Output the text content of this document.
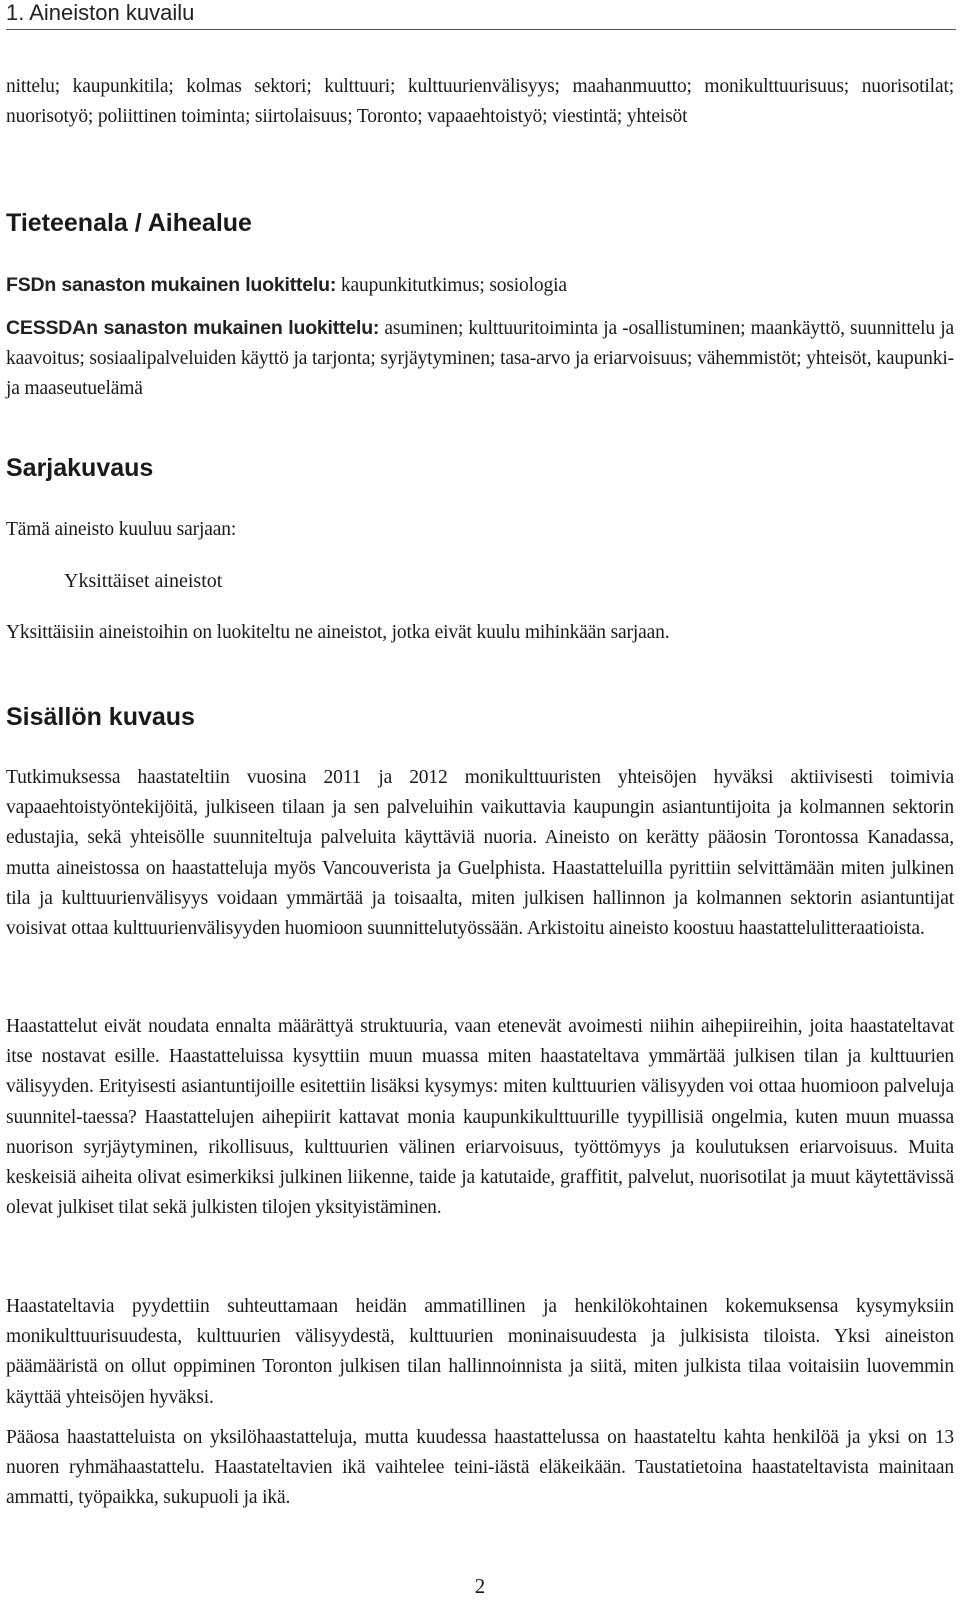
1. Aineiston kuvailu
nittelu; kaupunkitila; kolmas sektori; kulttuuri; kulttuurienvälisyys; maahanmuutto; monikulttuurisuus; nuorisotilat; nuorisotyö; poliittinen toiminta; siirtolaisuus; Toronto; vapaaehtoistyö; viestintä; yhteisöt
Tieteenala / Aihealue
FSDn sanaston mukainen luokittelu: kaupunkitutkimus; sosiologia
CESSDAn sanaston mukainen luokittelu: asuminen; kulttuuritoiminta ja -osallistuminen; maankäyttö, suunnittelu ja kaavoitus; sosiaalipalveluiden käyttö ja tarjonta; syrjäytyminen; tasa-arvo ja eriarvoisuus; vähemmistöt; yhteisöt, kaupunki- ja maaseutuelämä
Sarjakuvaus
Tämä aineisto kuuluu sarjaan:
Yksittäiset aineistot
Yksittäisiin aineistoihin on luokiteltu ne aineistot, jotka eivät kuulu mihinkään sarjaan.
Sisällön kuvaus
Tutkimuksessa haastateltiin vuosina 2011 ja 2012 monikulttuuristen yhteisöjen hyväksi aktiivisesti toimivia vapaaehtoistyöntekijöitä, julkiseen tilaan ja sen palveluihin vaikuttavia kaupungin asiantuntijoita ja kolmannen sektorin edustajia, sekä yhteisölle suunniteltuja palveluita käyttäviä nuoria. Aineisto on kerätty pääosin Torontossa Kanadassa, mutta aineistossa on haastatteluja myös Vancouverista ja Guelphista. Haastatteluilla pyrittiin selvittämään miten julkinen tila ja kulttuurienvälisyys voidaan ymmärtää ja toisaalta, miten julkisen hallinnon ja kolmannen sektorin asiantuntijat voisivat ottaa kulttuurienvälisyyden huomioon suunnittelutyössään. Arkistoitu aineisto koostuu haastattelulitteraatioista.
Haastattelut eivät noudata ennalta määrättyä struktuuria, vaan etenevät avoimesti niihin aihepiireihin, joita haastateltavat itse nostavat esille. Haastatteluissa kysyttiin muun muassa miten haastateltava ymmärtää julkisen tilan ja kulttuurien välisyyden. Erityisesti asiantuntijoille esitettiin lisäksi kysymys: miten kulttuurien välisyyden voi ottaa huomioon palveluja suunnitel-taessa? Haastattelujen aihepiirit kattavat monia kaupunkikulttuurille tyypillisiä ongelmia, kuten muun muassa nuorison syrjäytyminen, rikollisuus, kulttuurien välinen eriarvoisuus, työttömyys ja koulutuksen eriarvoisuus. Muita keskeisiä aiheita olivat esimerkiksi julkinen liikenne, taide ja katutaide, graffitit, palvelut, nuorisotilat ja muut käytettävissä olevat julkiset tilat sekä julkisten tilojen yksityistäminen.
Haastateltavia pyydettiin suhteuttamaan heidän ammatillinen ja henkilökohtainen kokemuksensa kysymyksiin monikulttuurisuudesta, kulttuurien välisyydestä, kulttuurien moninaisuudesta ja julkisista tiloista. Yksi aineiston päämääristä on ollut oppiminen Toronton julkisen tilan hallinnoinnista ja siitä, miten julkista tilaa voitaisiin luovemmin käyttää yhteisöjen hyväksi.
Pääosa haastatteluista on yksilöhaastatteluja, mutta kuudessa haastattelussa on haastateltu kahta henkilöä ja yksi on 13 nuoren ryhmähaastattelu. Haastateltavien ikä vaihtelee teini-iästä eläkeikään. Taustatietoina haastateltavista mainitaan ammatti, työpaikka, sukupuoli ja ikä.
2
